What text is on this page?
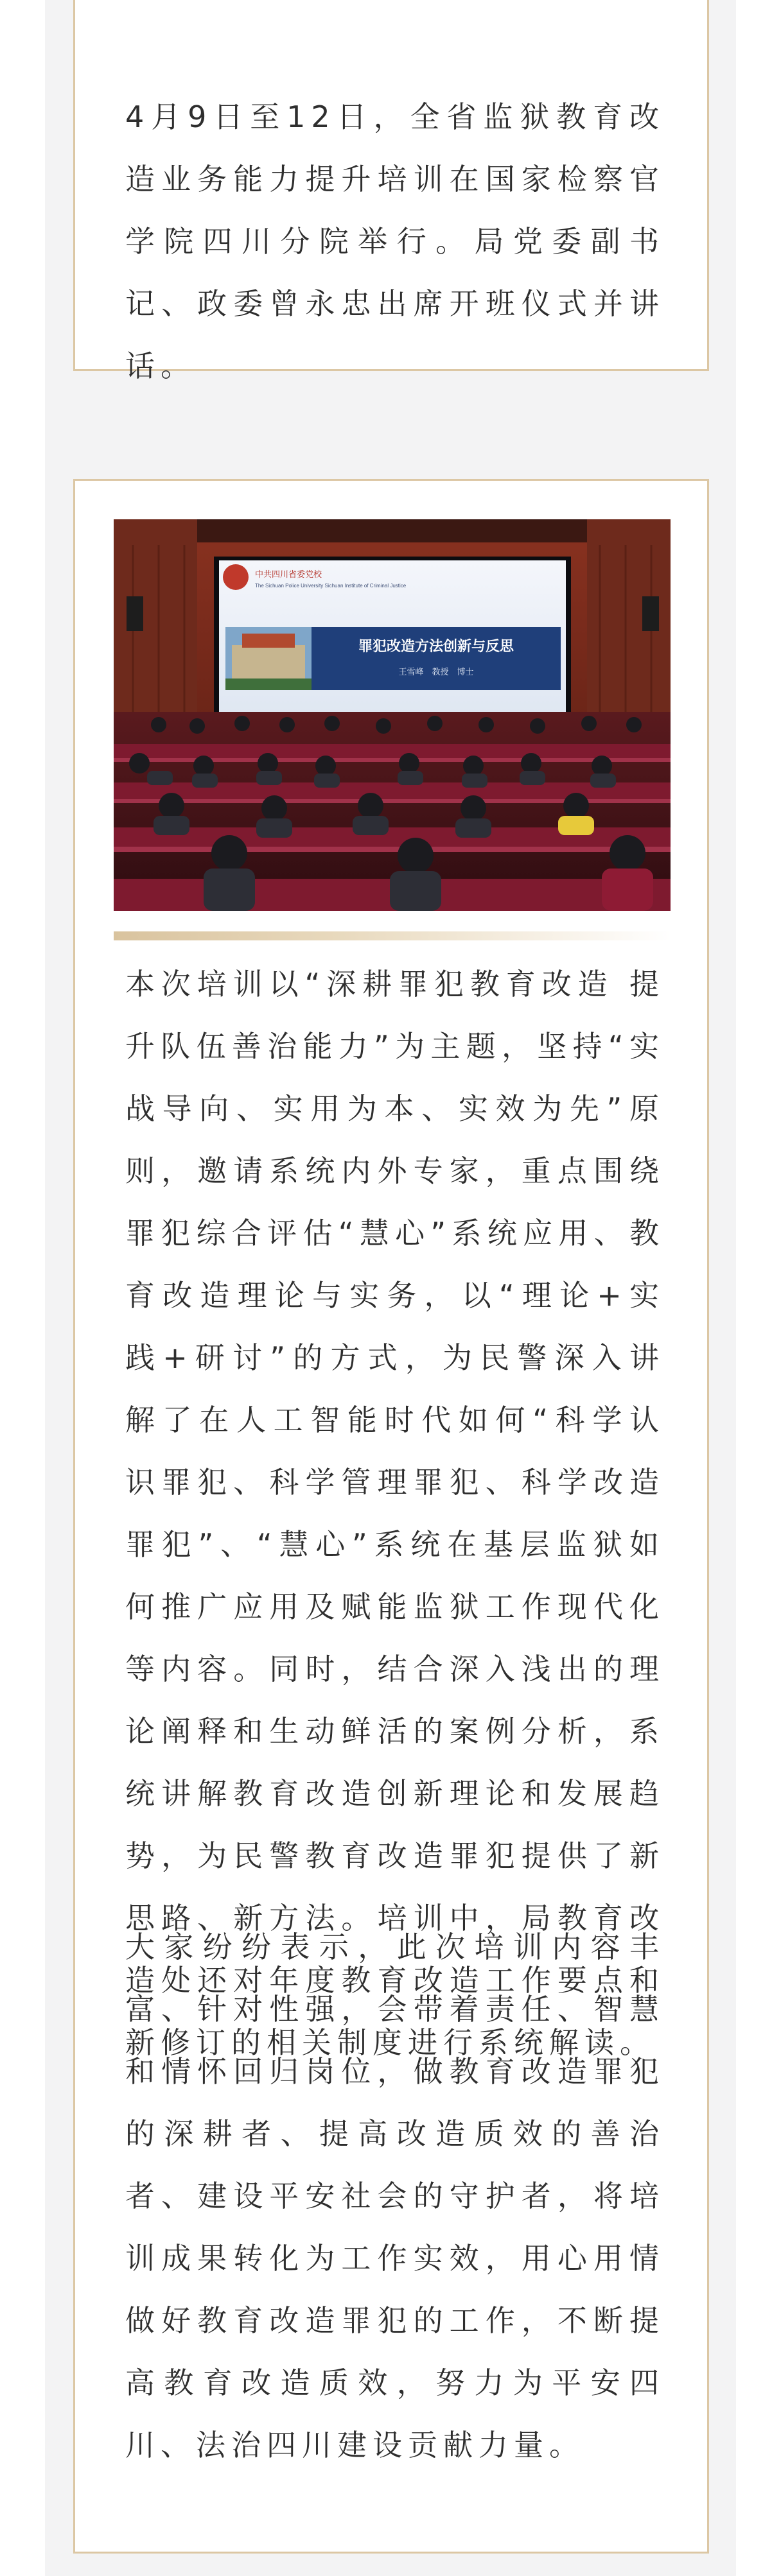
4月9日至12日，全省监狱教育改造业务能力提升培训在国家检察官学院四川分院举行。局党委副书记、政委曾永忠出席开班仪式并讲话。

中共四川省委党校
The Sichuan Police University Sichuan Institute of Criminal Justice
罪犯改造方法创新与反思
王雪峰　教授　博士

本次培训以“深耕罪犯教育改造 提升队伍善治能力”为主题，坚持“实战导向、实用为本、实效为先”原则，邀请系统内外专家，重点围绕罪犯综合评估“慧心”系统应用、教育改造理论与实务，以“理论+实践+研讨”的方式，为民警深入讲解了在人工智能时代如何“科学认识罪犯、科学管理罪犯、科学改造罪犯”、“慧心”系统在基层监狱如何推广应用及赋能监狱工作现代化等内容。同时，结合深入浅出的理论阐释和生动鲜活的案例分析，系统讲解教育改造创新理论和发展趋势，为民警教育改造罪犯提供了新思路、新方法。培训中，局教育改造处还对年度教育改造工作要点和新修订的相关制度进行系统解读。

大家纷纷表示，此次培训内容丰富、针对性强，会带着责任、智慧和情怀回归岗位，做教育改造罪犯的深耕者、提高改造质效的善治者、建设平安社会的守护者，将培训成果转化为工作实效，用心用情做好教育改造罪犯的工作，不断提高教育改造质效，努力为平安四川、法治四川建设贡献力量。
